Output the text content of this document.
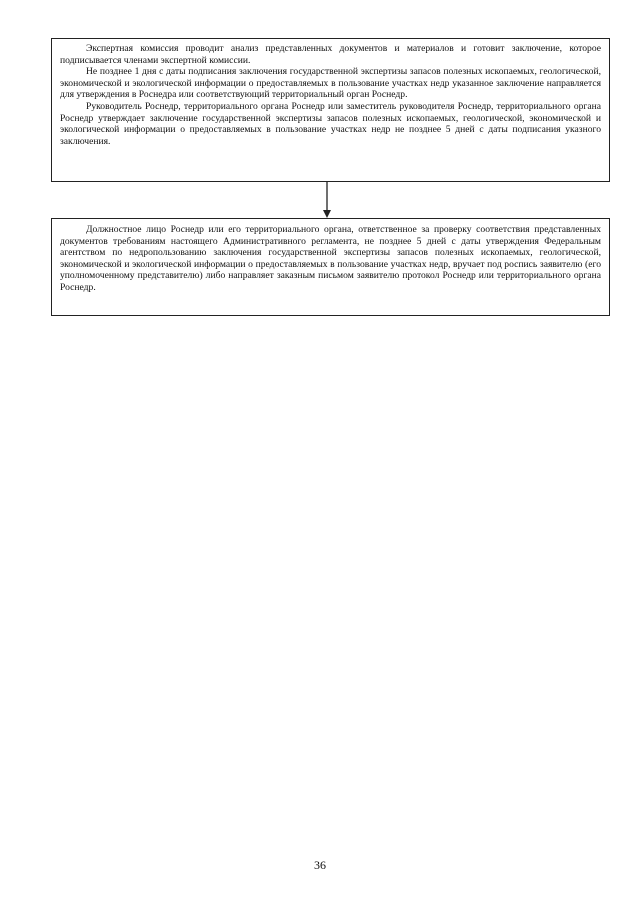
Экспертная комиссия проводит анализ представленных документов и материалов и готовит заключение, которое подписывается членами экспертной комиссии.

Не позднее 1 дня с даты подписания заключения государственной экспертизы запасов полезных ископаемых, геологической, экономической и экологической информации о предоставляемых в пользование участках недр указанное заключение направляется для утверждения в Роснедра или соответствующий территориальный орган Роснедр.

Руководитель Роснедр, территориального органа Роснедр или заместитель руководителя Роснедр, территориального органа Роснедр утверждает заключение государственной экспертизы запасов полезных ископаемых, геологической, экономической и экологической информации о предоставляемых в пользование участках недр не позднее 5 дней с даты подписания указного заключения.

Должностное лицо Роснедр или его территориального органа, ответственное за проверку соответствия представленных документов требованиям настоящего Административного регламента, не позднее 5 дней с даты утверждения Федеральным агентством по недропользованию заключения государственной экспертизы запасов полезных ископаемых, геологической, экономической и экологической информации о предоставляемых в пользование участках недр, вручает под роспись заявителю (его уполномоченному представителю) либо направляет заказным письмом заявителю протокол Роснедр или территориального органа Роснедр.

36
